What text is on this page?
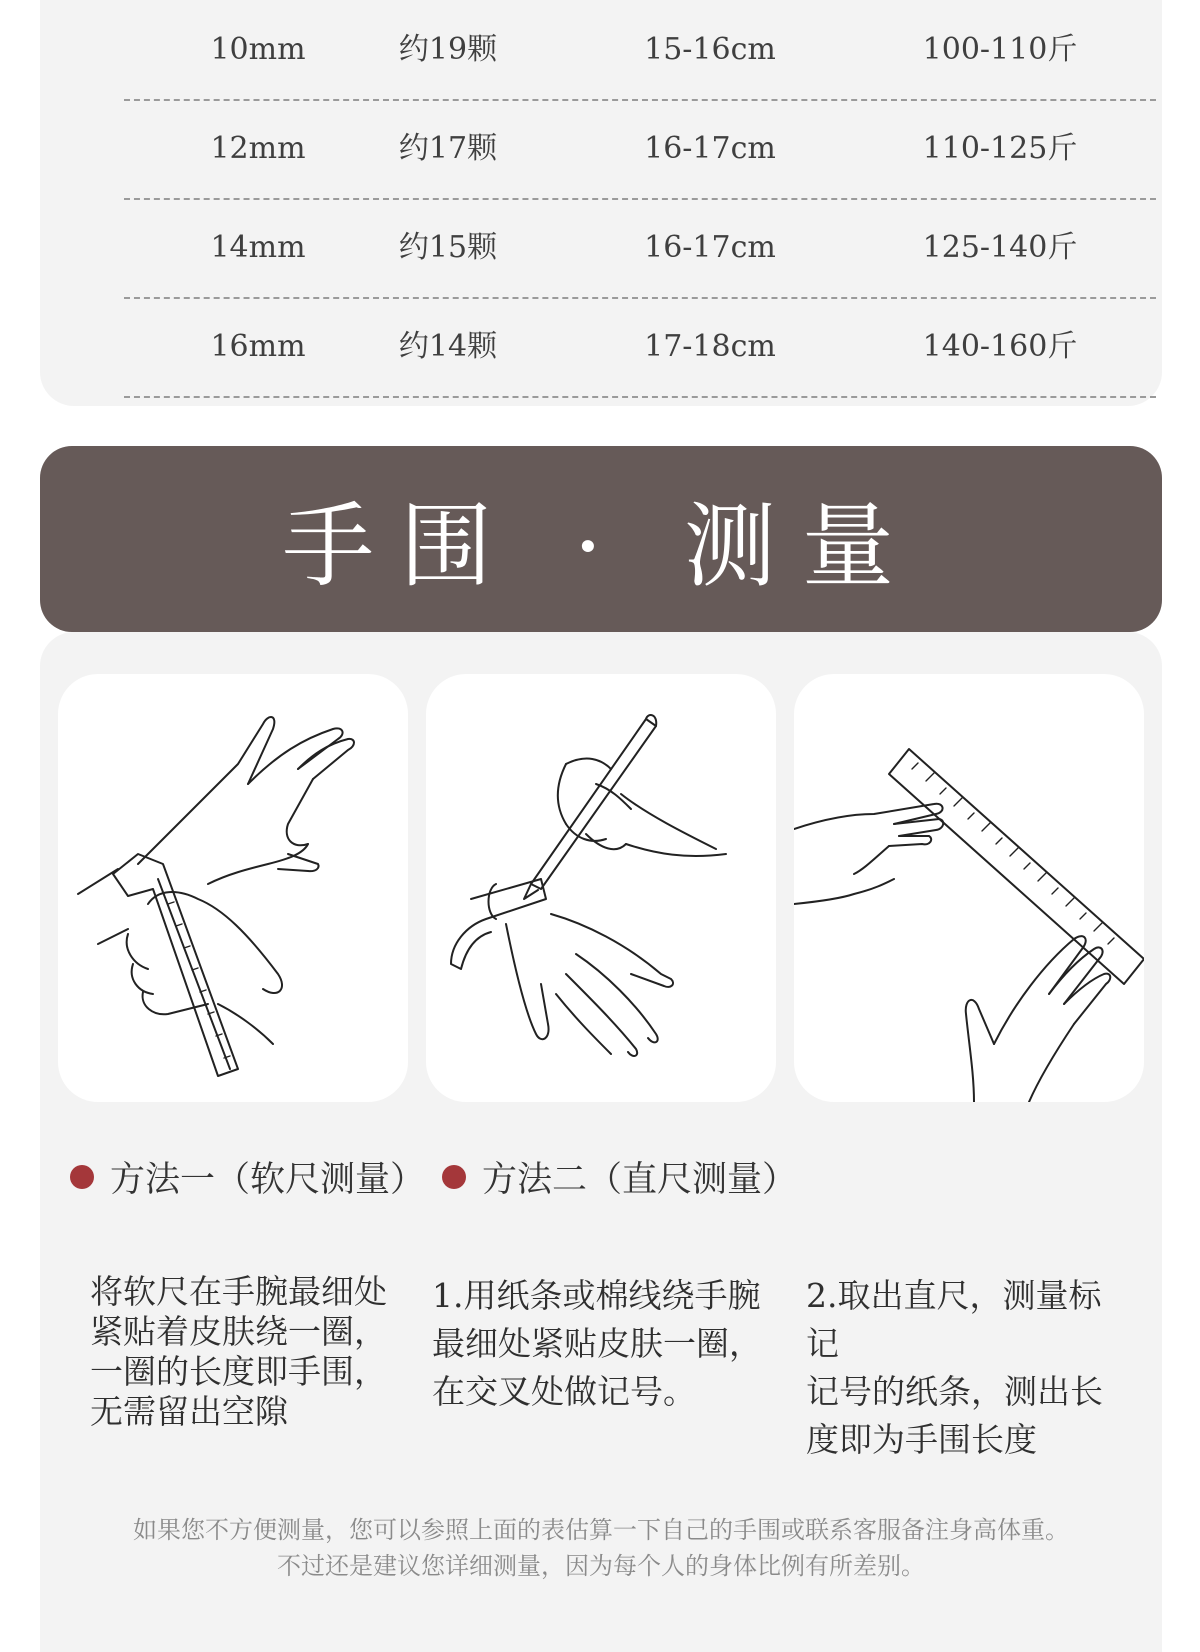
10mm	约19颗	15-16cm	100-110斤
12mm	约17颗	16-17cm	110-125斤
14mm	约15颗	16-17cm	125-140斤
16mm	约14颗	17-18cm	140-160斤
手围 · 测量
方法一（软尺测量） 方法二（直尺测量）
将软尺在手腕最细处
紧贴着皮肤绕一圈，
一圈的长度即手围，
无需留出空隙
1.用纸条或棉线绕手腕
最细处紧贴皮肤一圈，
在交叉处做记号。
2.取出直尺，测量标记
记号的纸条，测出长
度即为手围长度
如果您不方便测量，您可以参照上面的表估算一下自己的手围或联系客服备注身高体重。
不过还是建议您详细测量，因为每个人的身体比例有所差别。
